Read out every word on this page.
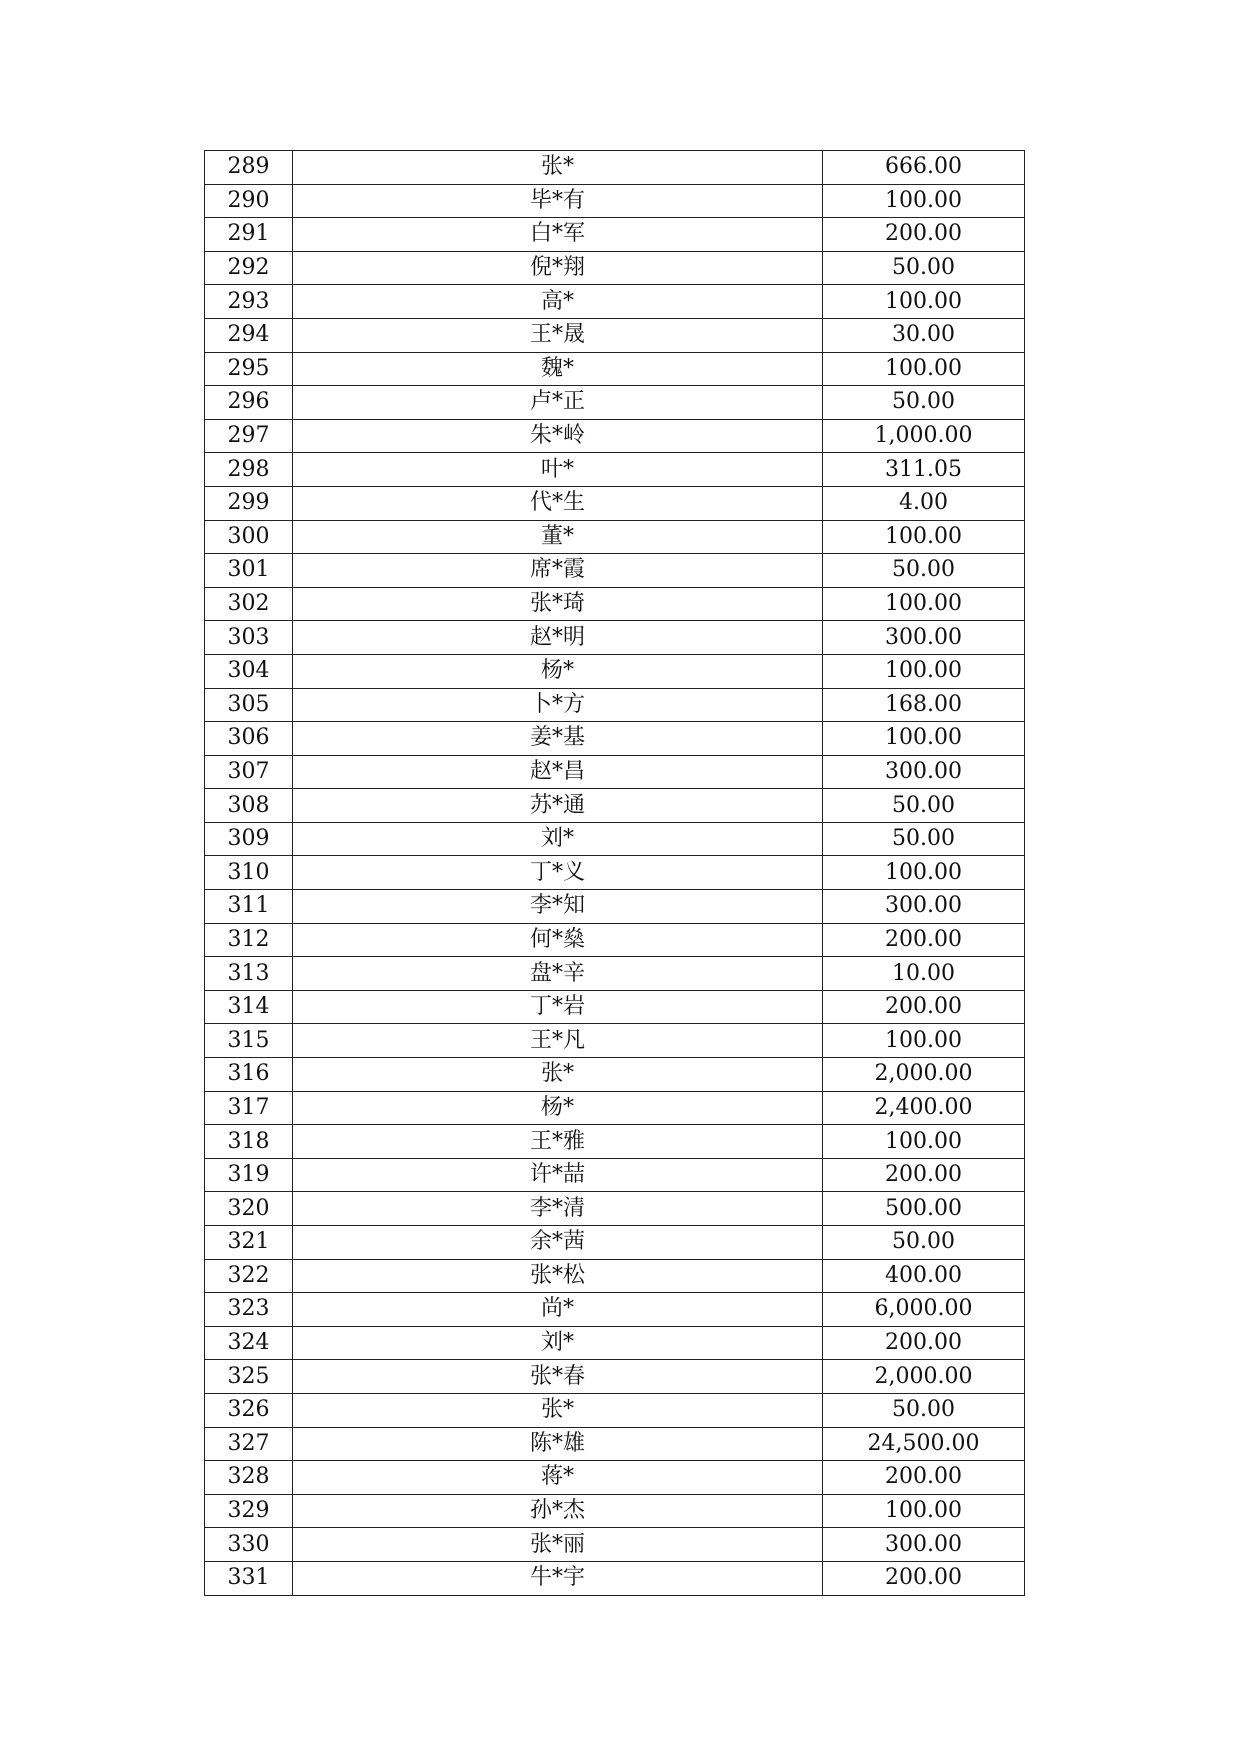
289	张*	666.00
290	毕*有	100.00
291	白*军	200.00
292	倪*翔	50.00
293	高*	100.00
294	王*晟	30.00
295	魏*	100.00
296	卢*正	50.00
297	朱*岭	1,000.00
298	叶*	311.05
299	代*生	4.00
300	董*	100.00
301	席*霞	50.00
302	张*琦	100.00
303	赵*明	300.00
304	杨*	100.00
305	卜*方	168.00
306	姜*基	100.00
307	赵*昌	300.00
308	苏*通	50.00
309	刘*	50.00
310	丁*义	100.00
311	李*知	300.00
312	何*燊	200.00
313	盘*辛	10.00
314	丁*岩	200.00
315	王*凡	100.00
316	张*	2,000.00
317	杨*	2,400.00
318	王*雅	100.00
319	许*喆	200.00
320	李*清	500.00
321	余*茜	50.00
322	张*松	400.00
323	尚*	6,000.00
324	刘*	200.00
325	张*春	2,000.00
326	张*	50.00
327	陈*雄	24,500.00
328	蒋*	200.00
329	孙*杰	100.00
330	张*丽	300.00
331	牛*宇	200.00
